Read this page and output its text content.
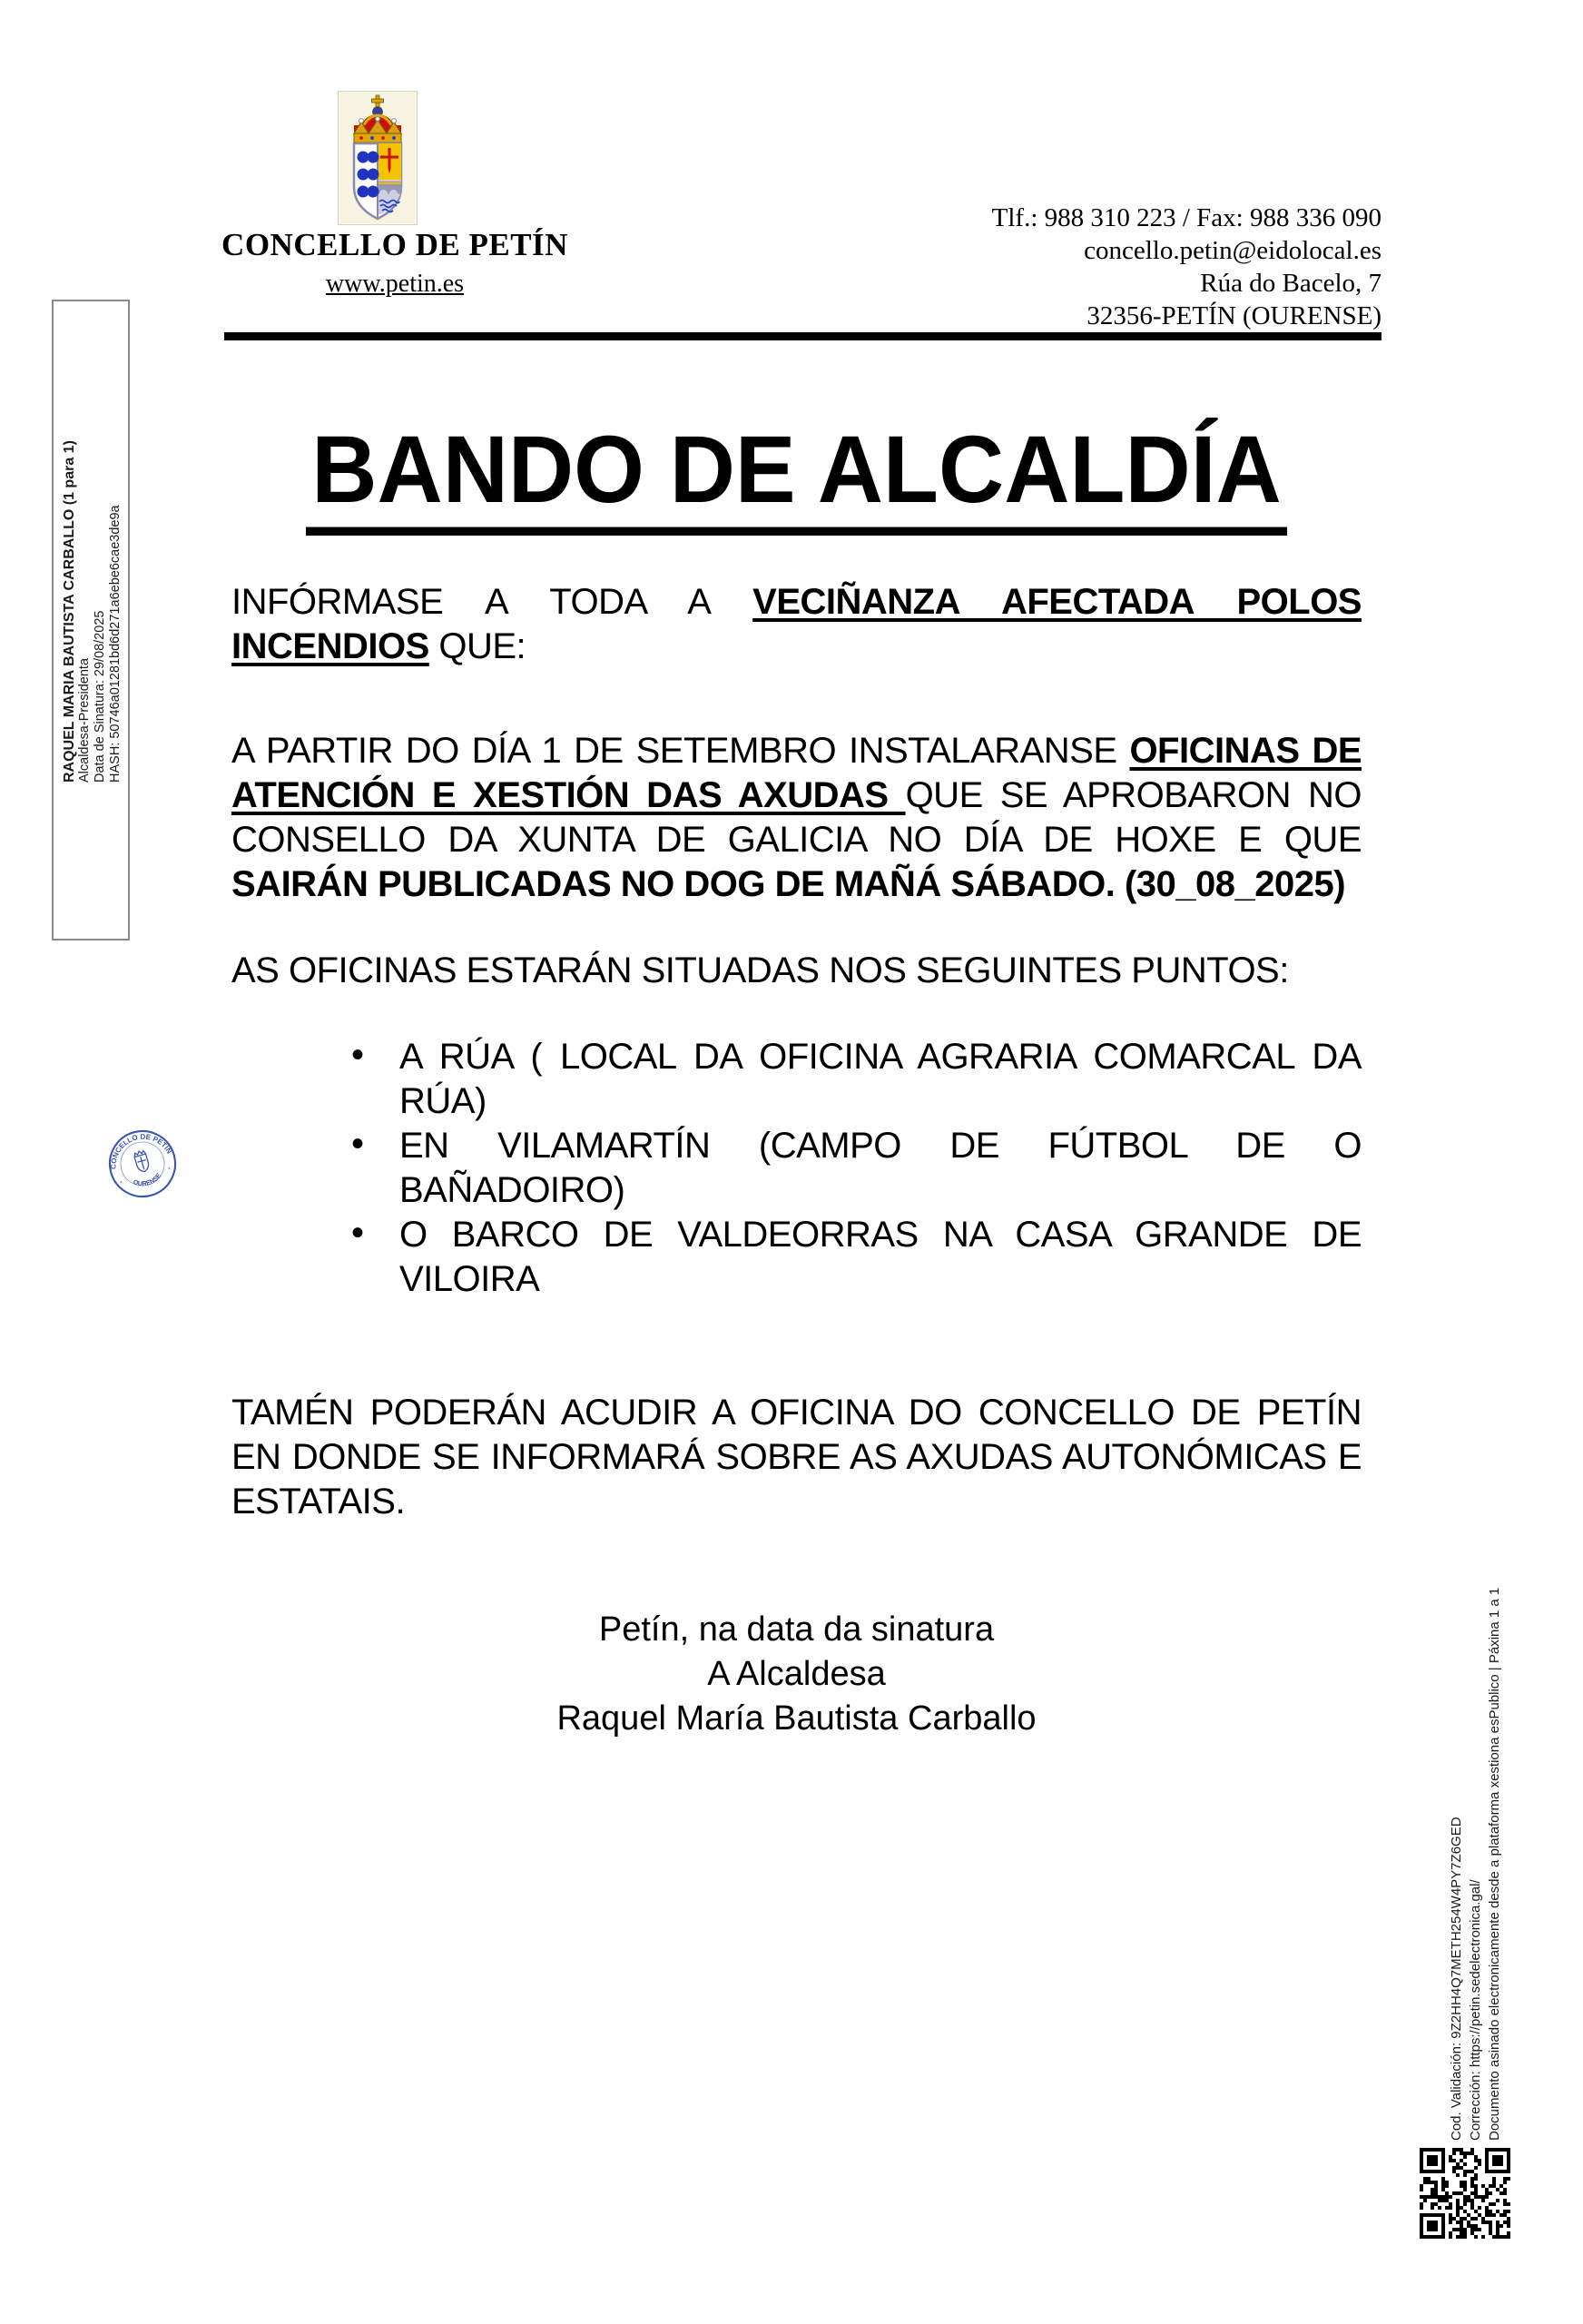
CONCELLO DE PETÍN
OURENSE
*
*
RAQUEL MARIA BAUTISTA CARBALLO (1 para 1) Alcaldesa-Presidenta Data de Sinatura: 29/08/2025 HASH: 50746a01281bd6d271a6ebe6cae3de9a
CONCELLO DE PETÍN
www.petin.es
Tlf.: 988 310 223 / Fax: 988 336 090
concello.petin@eidolocal.es
Rúa do Bacelo, 7
32356-PETÍN (OURENSE)
BANDO DE ALCALDÍA

INFÓRMASE A TODA A VECIÑANZA AFECTADA POLOS INCENDIOS QUE:

A PARTIR DO DÍA 1 DE SETEMBRO INSTALARANSE OFICINAS DE ATENCIÓN E XESTIÓN DAS AXUDAS QUE SE APROBARON NO CONSELLO DA XUNTA DE GALICIA NO DÍA DE HOXE E QUE SAIRÁN PUBLICADAS NO DOG DE MAÑÁ SÁBADO. (30_08_2025)

AS OFICINAS ESTARÁN SITUADAS NOS SEGUINTES PUNTOS:

• A RÚA ( LOCAL DA OFICINA AGRARIA COMARCAL DA RÚA)
• EN VILAMARTÍN (CAMPO DE FÚTBOL DE O BAÑADOIRO)
• O BARCO DE VALDEORRAS NA CASA GRANDE DE VILOIRA

TAMÉN PODERÁN ACUDIR A OFICINA DO CONCELLO DE PETÍN EN DONDE SE INFORMARÁ SOBRE AS AXUDAS AUTONÓMICAS E ESTATAIS.

Petín, na data da sinatura
A Alcaldesa
Raquel María Bautista Carballo
Cod. Validación: 9Z2HH4Q7METH254W4PY7Z6GED Corrección: https://petin.sedelectronica.gal/ Documento asinado electronicamente desde a plataforma xestiona esPublico | Páxina 1 a 1
